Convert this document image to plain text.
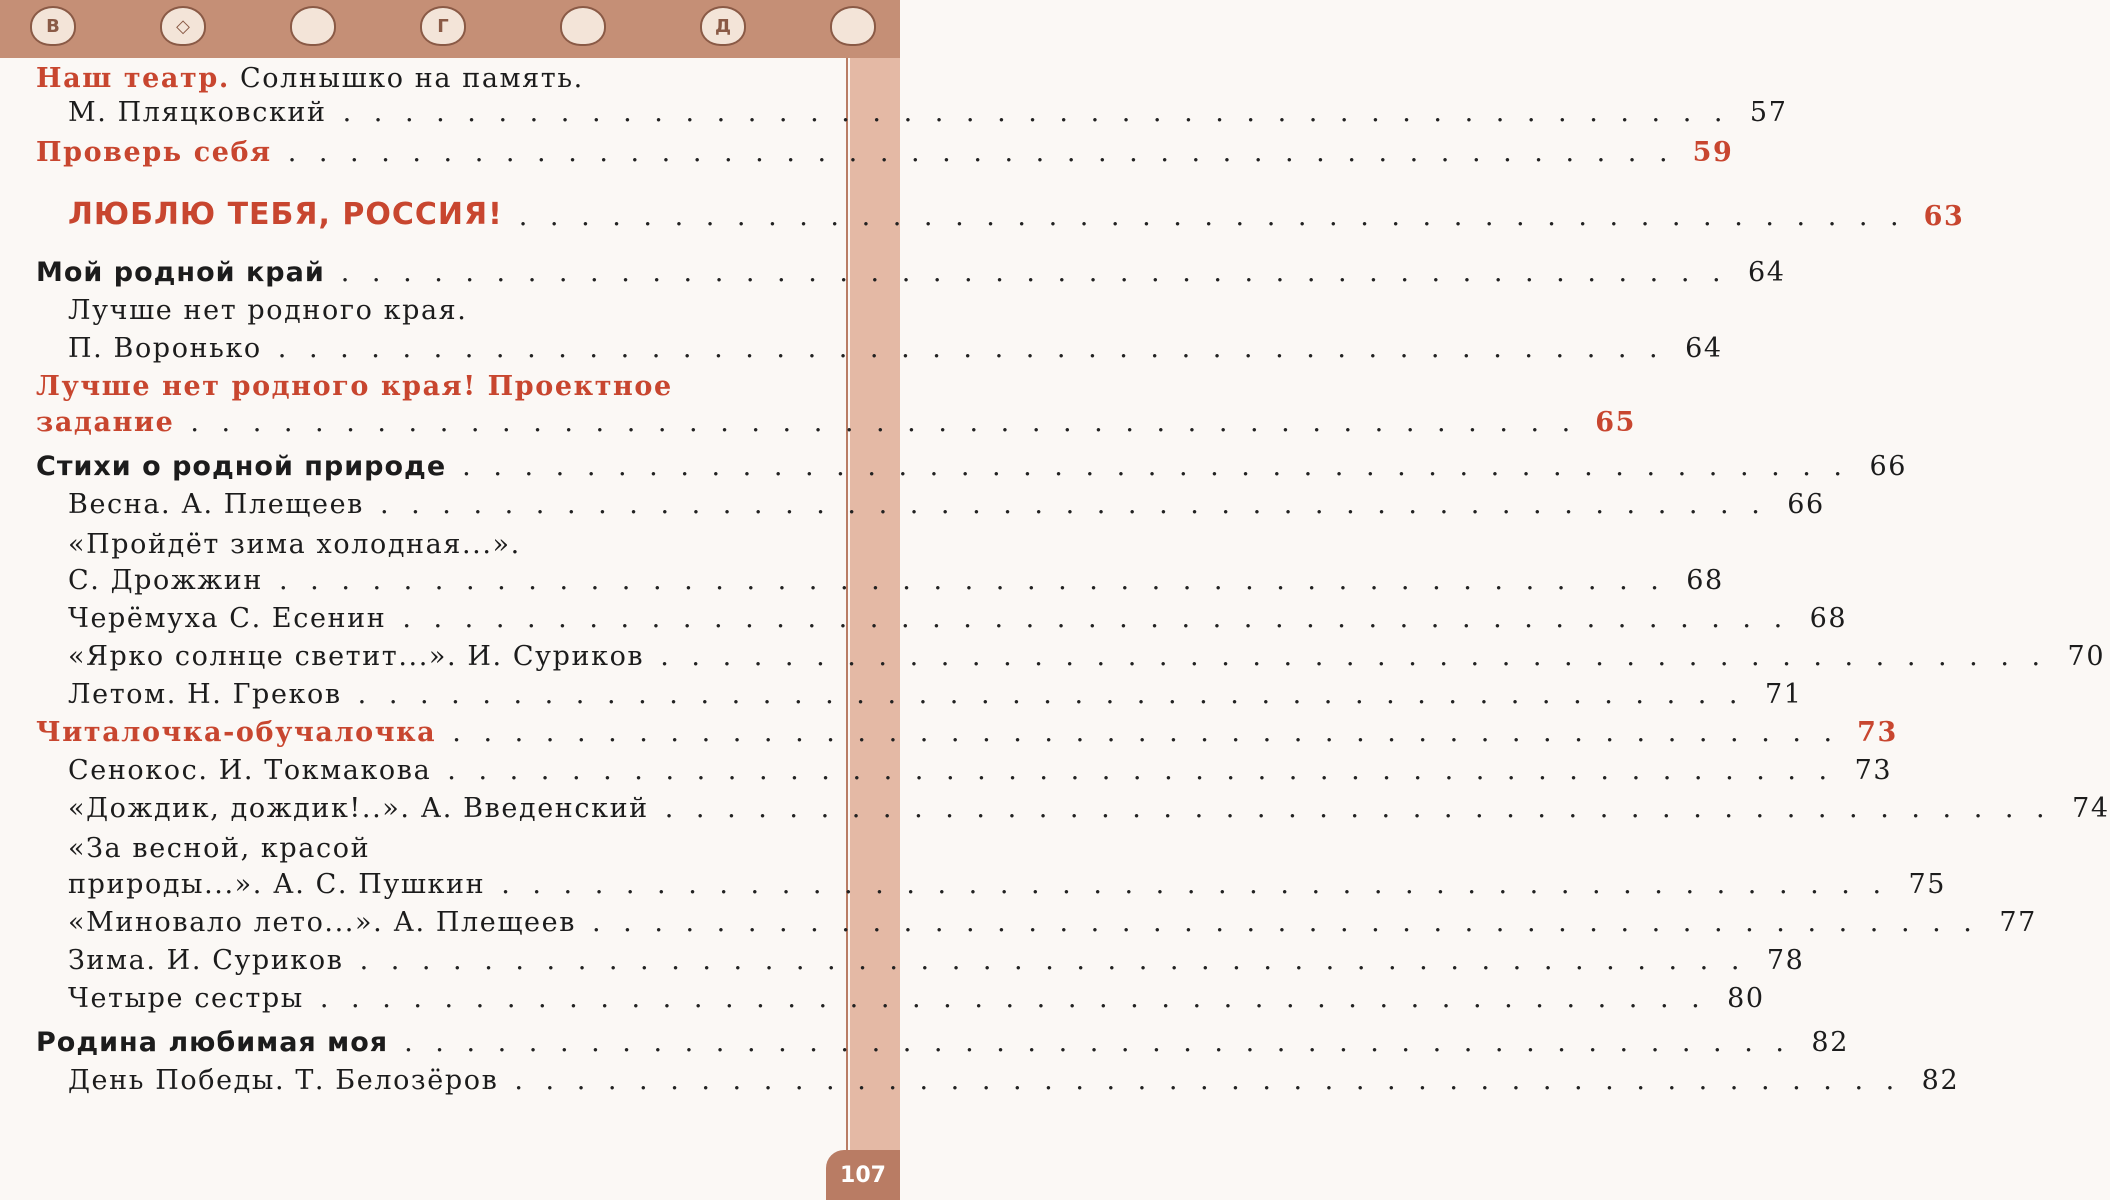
В	◇	Г	Д
107
Наш театр. Солнышко на память.
М. Пляцковский . . . . . . . . . . . . . . . . . . . . . . . . . . . . . . . . . . . . . . . . . . . . . 57
Проверь себя . . . . . . . . . . . . . . . . . . . . . . . . . . . . . . . . . . . . . . . . . . . . . 59
ЛЮБЛЮ ТЕБЯ, РОССИЯ! . . . . . . . . . . . . . . . . . . . . . . . . . . . . . . . . . . . . . . . . . . . . . 63
Мой родной край . . . . . . . . . . . . . . . . . . . . . . . . . . . . . . . . . . . . . . . . . . . . . 64
Лучше нет родного края.
П. Воронько . . . . . . . . . . . . . . . . . . . . . . . . . . . . . . . . . . . . . . . . . . . . . 64
Лучше нет родного края! Проектное
задание . . . . . . . . . . . . . . . . . . . . . . . . . . . . . . . . . . . . . . . . . . . . . 65
Стихи о родной природе . . . . . . . . . . . . . . . . . . . . . . . . . . . . . . . . . . . . . . . . . . . . . 66
Весна. А. Плещеев . . . . . . . . . . . . . . . . . . . . . . . . . . . . . . . . . . . . . . . . . . . . . 66
«Пройдёт зима холодная...».
С. Дрожжин . . . . . . . . . . . . . . . . . . . . . . . . . . . . . . . . . . . . . . . . . . . . . 68
Черёмуха С. Есенин . . . . . . . . . . . . . . . . . . . . . . . . . . . . . . . . . . . . . . . . . . . . . 68
«Ярко солнце светит...». И. Суриков . . . . . . . . . . . . . . . . . . . . . . . . . . . . . . . . . . . . . . . . . . . . . 70
Летом. Н. Греков . . . . . . . . . . . . . . . . . . . . . . . . . . . . . . . . . . . . . . . . . . . . . 71
Читалочка-обучалочка . . . . . . . . . . . . . . . . . . . . . . . . . . . . . . . . . . . . . . . . . . . . . 73
Сенокос. И. Токмакова . . . . . . . . . . . . . . . . . . . . . . . . . . . . . . . . . . . . . . . . . . . . . 73
«Дождик, дождик!..». А. Введенский . . . . . . . . . . . . . . . . . . . . . . . . . . . . . . . . . . . . . . . . . . . . . 74
«За весной, красой
природы...». А. С. Пушкин . . . . . . . . . . . . . . . . . . . . . . . . . . . . . . . . . . . . . . . . . . . . . 75
«Миновало лето...». А. Плещеев . . . . . . . . . . . . . . . . . . . . . . . . . . . . . . . . . . . . . . . . . . . . . 77
Зима. И. Суриков . . . . . . . . . . . . . . . . . . . . . . . . . . . . . . . . . . . . . . . . . . . . . 78
Четыре сестры . . . . . . . . . . . . . . . . . . . . . . . . . . . . . . . . . . . . . . . . . . . . . 80
Родина любимая моя . . . . . . . . . . . . . . . . . . . . . . . . . . . . . . . . . . . . . . . . . . . . . 82
День Победы. Т. Белозёров . . . . . . . . . . . . . . . . . . . . . . . . . . . . . . . . . . . . . . . . . . . . . 82
